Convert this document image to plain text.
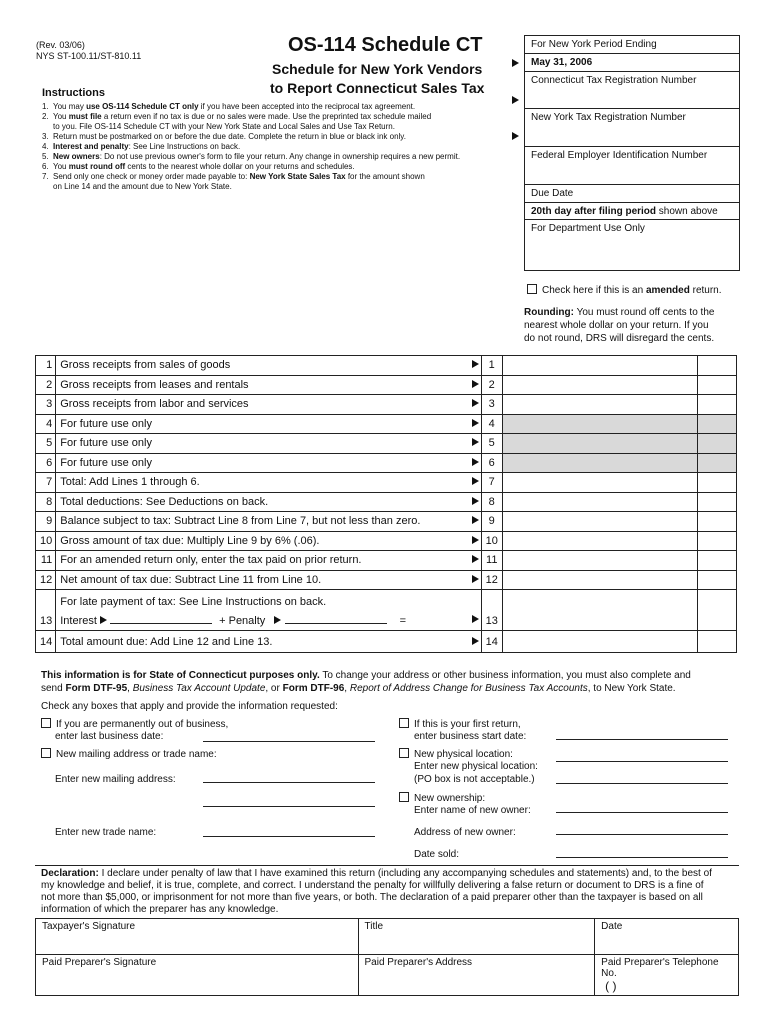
(Rev. 03/06)
NYS ST-100.11/ST-810.11	OS-114 Schedule CT
Schedule for New York Vendors
to Report Connecticut Sales Tax
Instructions
1. You may use OS-114 Schedule CT only if you have been accepted into the reciprocal tax agreement.
2. You must file a return even if no tax is due or no sales were made. Use the preprinted tax schedule mailed
to you. File OS-114 Schedule CT with your New York State and Local Sales and Use Tax Return.
3. Return must be postmarked on or before the due date. Complete the return in blue or black ink only.
4. Interest and penalty: See Line Instructions on back.
5. New owners: Do not use previous owner's form to file your return. Any change in ownership requires a new permit.
6. You must round off cents to the nearest whole dollar on your returns and schedules.
7. Send only one check or money order made payable to: New York State Sales Tax for the amount shown
on Line 14 and the amount due to New York State.
For New York Period Ending
May 31, 2006
Connecticut Tax Registration Number
New York Tax Registration Number
Federal Employer Identification Number
Due Date
20th day after filing period shown above
For Department Use Only
Check here if this is an amended return.
Rounding: You must round off cents to the
nearest whole dollar on your return. If you
do not round, DRS will disregard the cents.
1	Gross receipts from sales of goods		1		
2	Gross receipts from leases and rentals		2		
3	Gross receipts from labor and services		3		
4	For future use only		4		
5	For future use only		5		
6	For future use only		6		
7	Total: Add Lines 1 through 6.		7		
8	Total deductions: See Deductions on back.		8		
9	Balance subject to tax: Subtract Line 8 from Line 7, but not less than zero.		9		
10	Gross amount of tax due: Multiply Line 9 by 6% (.06).		10		
11	For an amended return only, enter the tax paid on prior return.		11		
12	Net amount of tax due: Subtract Line 11 from Line 10.		12		
13	For late payment of tax: See Line Instructions on back.
Interest + Penalty =		13		
14	Total amount due: Add Line 12 and Line 13.		14		
This information is for State of Connecticut purposes only. To change your address or other business information, you must also complete and
send Form DTF-95, Business Tax Account Update, or Form DTF-96, Report of Address Change for Business Tax Accounts, to New York State.
Check any boxes that apply and provide the information requested:
If you are permanently out of business,
enter last business date:
New mailing address or trade name:
Enter new mailing address:
Enter new trade name:
If this is your first return,
enter business start date:
New physical location:
Enter new physical location:
(PO box is not acceptable.)
New ownership:
Enter name of new owner:
Address of new owner:
Date sold:
Declaration: I declare under penalty of law that I have examined this return (including any accompanying schedules and statements) and, to the best of
my knowledge and belief, it is true, complete, and correct. I understand the penalty for willfully delivering a false return or document to DRS is a fine of
not more than $5,000, or imprisonment for not more than five years, or both. The declaration of a paid preparer other than the taxpayer is based on all
information of which the preparer has any knowledge.
Taxpayer's Signature	Title	Date
Paid Preparer's Signature	Paid Preparer's Address	Paid Preparer's Telephone No.
( )
